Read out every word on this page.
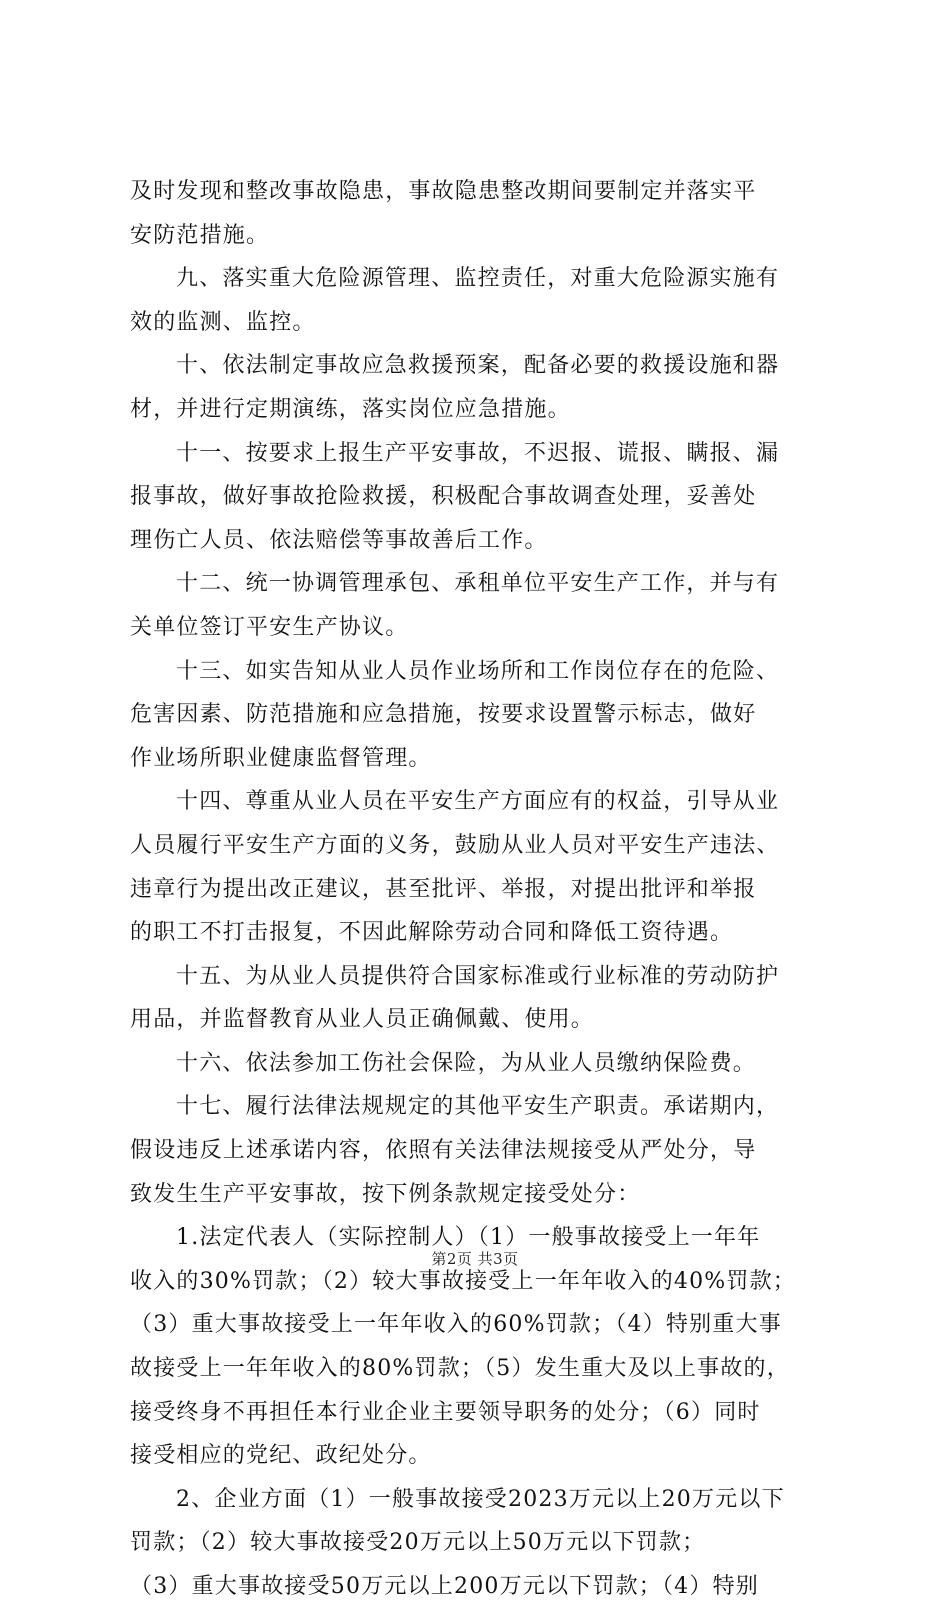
及时发现和整改事故隐患，事故隐患整改期间要制定并落实平
安防范措施。
九、落实重大危险源管理、监控责任，对重大危险源实施有
效的监测、监控。
十、依法制定事故应急救援预案，配备必要的救援设施和器
材，并进行定期演练，落实岗位应急措施。
十一、按要求上报生产平安事故，不迟报、谎报、瞒报、漏
报事故，做好事故抢险救援，积极配合事故调查处理，妥善处
理伤亡人员、依法赔偿等事故善后工作。
十二、统一协调管理承包、承租单位平安生产工作，并与有
关单位签订平安生产协议。
十三、如实告知从业人员作业场所和工作岗位存在的危险、
危害因素、防范措施和应急措施，按要求设置警示标志，做好
作业场所职业健康监督管理。
十四、尊重从业人员在平安生产方面应有的权益，引导从业
人员履行平安生产方面的义务，鼓励从业人员对平安生产违法、
违章行为提出改正建议，甚至批评、举报，对提出批评和举报
的职工不打击报复，不因此解除劳动合同和降低工资待遇。
十五、为从业人员提供符合国家标准或行业标准的劳动防护
用品，并监督教育从业人员正确佩戴、使用。
十六、依法参加工伤社会保险，为从业人员缴纳保险费。
十七、履行法律法规规定的其他平安生产职责。承诺期内，
假设违反上述承诺内容，依照有关法律法规接受从严处分，导
致发生生产平安事故，按下例条款规定接受处分：
1.法定代表人（实际控制人）（1）一般事故接受上一年年
收入的30%罚款；（2）较大事故接受上一年年收入的40%罚款；
（3）重大事故接受上一年年收入的60%罚款；（4）特别重大事
故接受上一年年收入的80%罚款；（5）发生重大及以上事故的，
接受终身不再担任本行业企业主要领导职务的处分；（6）同时
接受相应的党纪、政纪处分。
2、企业方面（1）一般事故接受2023万元以上20万元以下
罚款；（2）较大事故接受20万元以上50万元以下罚款；
（3）重大事故接受50万元以上200万元以下罚款；（4）特别
第2页 共3页
